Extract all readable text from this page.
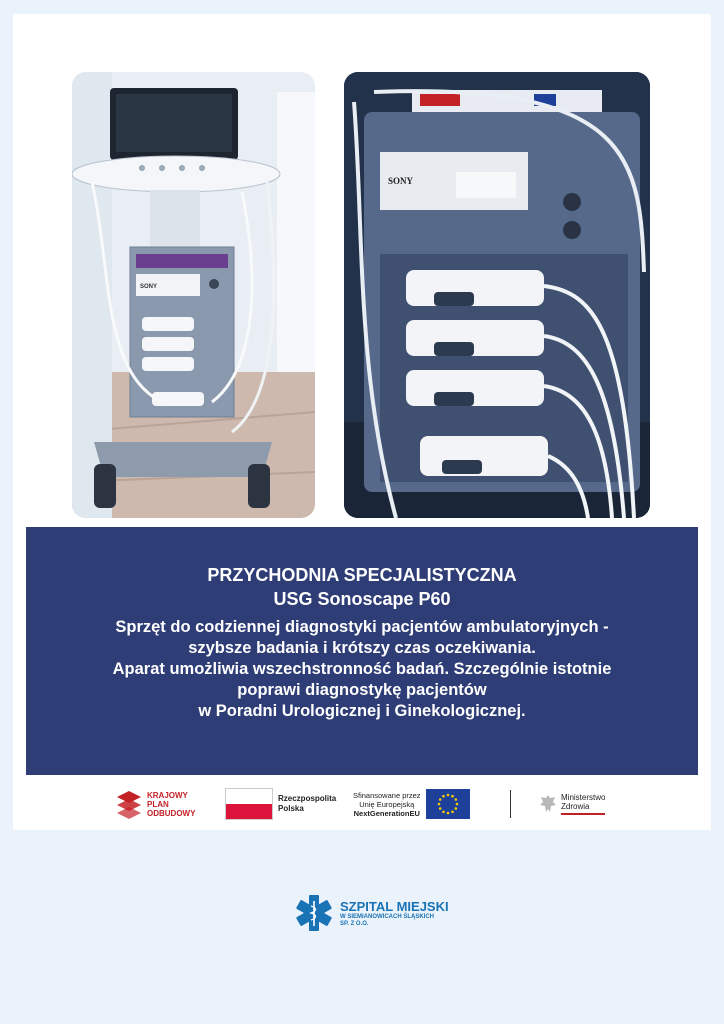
SONY
SONY
PRZYCHODNIA SPECJALISTYCZNA
USG Sonoscape P60
Sprzęt do codziennej diagnostyki pacjentów ambulatoryjnych -
szybsze badania i krótszy czas oczekiwania.
Aparat umożliwia wszechstronność badań. Szczególnie istotnie
poprawi diagnostykę pacjentów
w Poradni Urologicznej i Ginekologicznej.
KRAJOWY
PLAN
ODBUDOWY
Rzeczpospolita
Polska
Sfinansowane przez
Unię Europejską
NextGenerationEU
Ministerstwo
Zdrowia
SZPITAL MIEJSKI
W SIEMIANOWICACH ŚLĄSKICH
SP. Z O.O.
